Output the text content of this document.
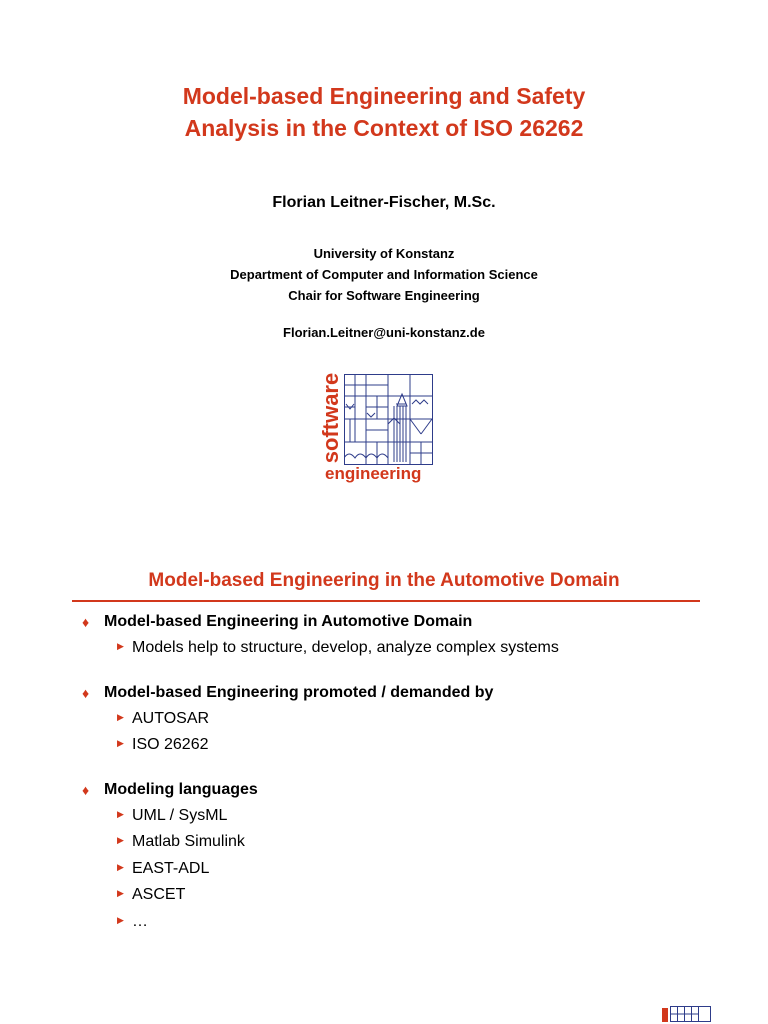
Model-based Engineering and Safety
Analysis in the Context of ISO 26262
Florian Leitner-Fischer, M.Sc.
University of Konstanz
Department of Computer and Information Science
Chair for Software Engineering
Florian.Leitner@uni-konstanz.de
software
engineering
Model-based Engineering in the Automotive Domain
♦ Model-based Engineering in Automotive Domain
▶ Models help to structure, develop, analyze complex systems
♦ Model-based Engineering promoted / demanded by
▶ AUTOSAR
▶ ISO 26262
♦ Modeling languages
▶ UML / SysML
▶ Matlab Simulink
▶ EAST-ADL
▶ ASCET
▶ …
